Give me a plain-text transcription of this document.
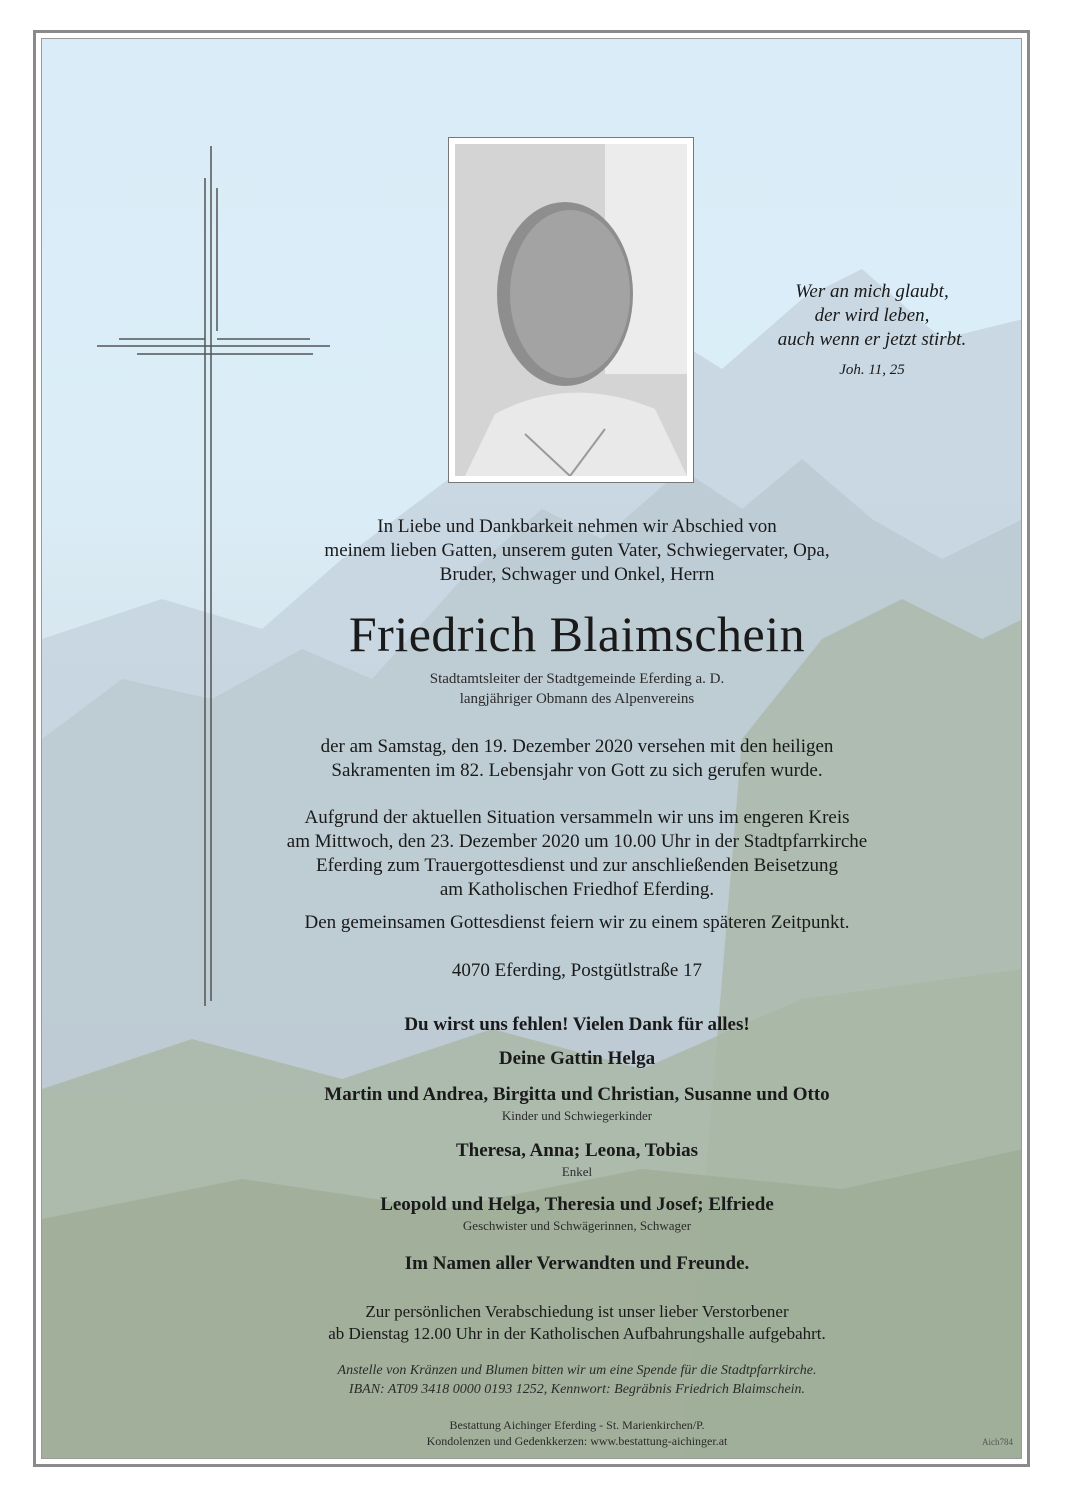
Wer an mich glaubt,
der wird leben,
auch wenn er jetzt stirbt.
Joh. 11, 25
In Liebe und Dankbarkeit nehmen wir Abschied von
meinem lieben Gatten, unserem guten Vater, Schwiegervater, Opa,
Bruder, Schwager und Onkel, Herrn
Friedrich Blaimschein
Stadtamtsleiter der Stadtgemeinde Eferding a. D.
langjähriger Obmann des Alpenvereins
der am Samstag, den 19. Dezember 2020 versehen mit den heiligen
Sakramenten im 82. Lebensjahr von Gott zu sich gerufen wurde.
Aufgrund der aktuellen Situation versammeln wir uns im engeren Kreis
am Mittwoch, den 23. Dezember 2020 um 10.00 Uhr in der Stadtpfarrkirche
Eferding zum Trauergottesdienst und zur anschließenden Beisetzung
am Katholischen Friedhof Eferding.
Den gemeinsamen Gottesdienst feiern wir zu einem späteren Zeitpunkt.
4070 Eferding, Postgütlstraße 17
Du wirst uns fehlen! Vielen Dank für alles!
Deine Gattin Helga
Martin und Andrea, Birgitta und Christian, Susanne und Otto
Kinder und Schwiegerkinder
Theresa, Anna; Leona, Tobias
Enkel
Leopold und Helga, Theresia und Josef; Elfriede
Geschwister und Schwägerinnen, Schwager
Im Namen aller Verwandten und Freunde.
Zur persönlichen Verabschiedung ist unser lieber Verstorbener
ab Dienstag 12.00 Uhr in der Katholischen Aufbahrungshalle aufgebahrt.
Anstelle von Kränzen und Blumen bitten wir um eine Spende für die Stadtpfarrkirche.
IBAN: AT09 3418 0000 0193 1252, Kennwort: Begräbnis Friedrich Blaimschein.
Bestattung Aichinger Eferding - St. Marienkirchen/P.
Kondolenzen und Gedenkkerzen: www.bestattung-aichinger.at	Aich784
